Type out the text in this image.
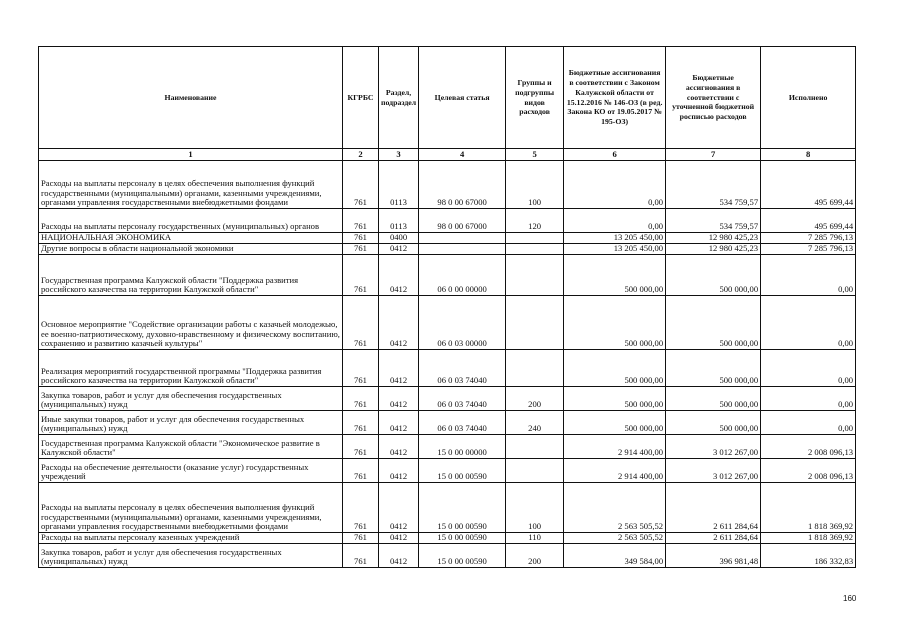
Наименование	КГРБС	Раздел, подраздел	Целевая статья	Группы и подгруппы видов расходов	Бюджетные ассигнования в соответствии с Законом Калужской области от 15.12.2016 № 146-ОЗ (в ред. Закона КО от 19.05.2017 № 195-ОЗ)	Бюджетные ассигнования в соответствии с уточненной бюджетной росписью расходов	Исполнено
1	2	3	4	5	6	7	8
Расходы на выплаты персоналу в целях обеспечения выполнения функций государственными (муниципальными) органами, казенными учреждениями, органами управления государственными внебюджетными фондами	761	0113	98 0 00 67000	100	0,00	534 759,57	495 699,44
Расходы на выплаты персоналу государственных (муниципальных) органов	761	0113	98 0 00 67000	120	0,00	534 759,57	495 699,44
НАЦИОНАЛЬНАЯ ЭКОНОМИКА	761	0400			13 205 450,00	12 980 425,23	7 285 796,13
Другие вопросы в области национальной экономики	761	0412			13 205 450,00	12 980 425,23	7 285 796,13
Государственная программа Калужской области "Поддержка развития российского казачества на территории Калужской области"	761	0412	06 0 00 00000		500 000,00	500 000,00	0,00
Основное мероприятие "Содействие организации работы с казачьей молодежью, ее военно-патриотическому, духовно-нравственному и физическому воспитанию, сохранению и развитию казачьей культуры"	761	0412	06 0 03 00000		500 000,00	500 000,00	0,00
Реализация мероприятий государственной программы "Поддержка развития российского казачества на территории Калужской области"	761	0412	06 0 03 74040		500 000,00	500 000,00	0,00
Закупка товаров, работ и услуг для обеспечения государственных (муниципальных) нужд	761	0412	06 0 03 74040	200	500 000,00	500 000,00	0,00
Иные закупки товаров, работ и услуг для обеспечения государственных (муниципальных) нужд	761	0412	06 0 03 74040	240	500 000,00	500 000,00	0,00
Государственная программа Калужской области "Экономическое развитие в Калужской области"	761	0412	15 0 00 00000		2 914 400,00	3 012 267,00	2 008 096,13
Расходы на обеспечение деятельности (оказание услуг) государственных учреждений	761	0412	15 0 00 00590		2 914 400,00	3 012 267,00	2 008 096,13
Расходы на выплаты персоналу в целях обеспечения выполнения функций государственными (муниципальными) органами, казенными учреждениями, органами управления государственными внебюджетными фондами	761	0412	15 0 00 00590	100	2 563 505,52	2 611 284,64	1 818 369,92
Расходы на выплаты персоналу казенных учреждений	761	0412	15 0 00 00590	110	2 563 505,52	2 611 284,64	1 818 369,92
Закупка товаров, работ и услуг для обеспечения государственных (муниципальных) нужд	761	0412	15 0 00 00590	200	349 584,00	396 981,48	186 332,83
160
